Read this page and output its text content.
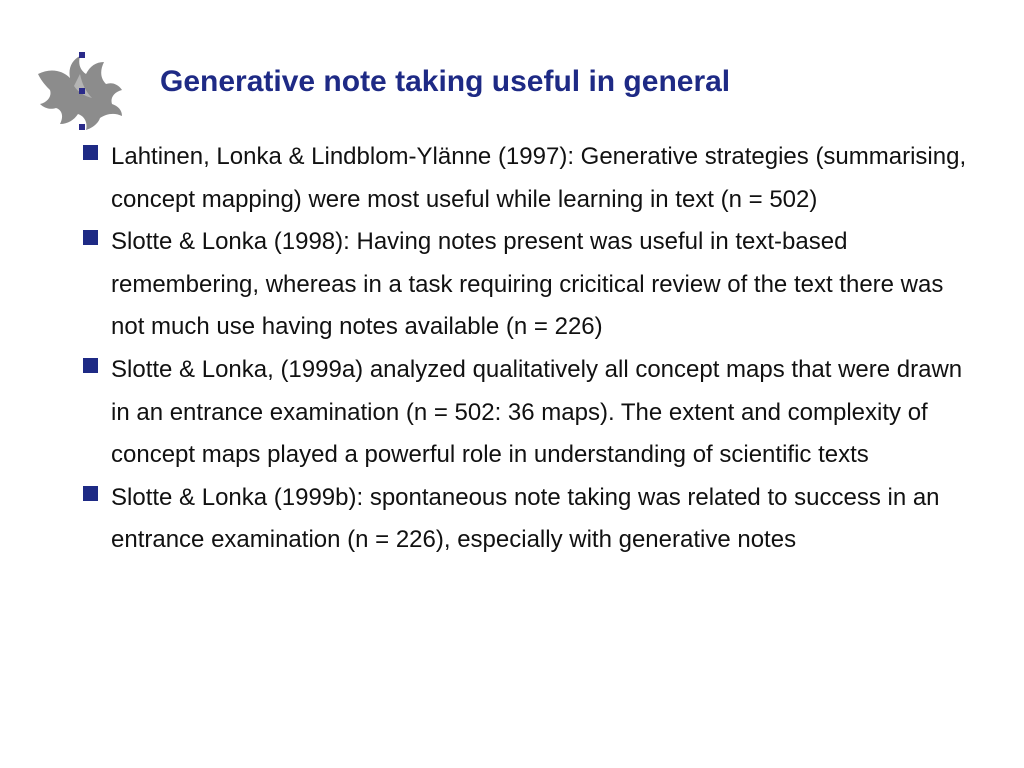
Generative note taking useful in general
Lahtinen, Lonka & Lindblom-Ylänne (1997): Generative strategies (summarising, concept mapping) were most useful while learning in text (n = 502)
Slotte & Lonka (1998): Having notes present was useful in text-based remembering, whereas in a task requiring cricitical review of the text there was not much use having notes available (n = 226)
Slotte & Lonka, (1999a) analyzed qualitatively all concept maps that were drawn in an entrance examination (n = 502: 36 maps). The extent and complexity of concept maps played a powerful role in understanding of scientific texts
Slotte & Lonka (1999b): spontaneous note taking was related to success in an entrance examination (n = 226), especially with generative notes
